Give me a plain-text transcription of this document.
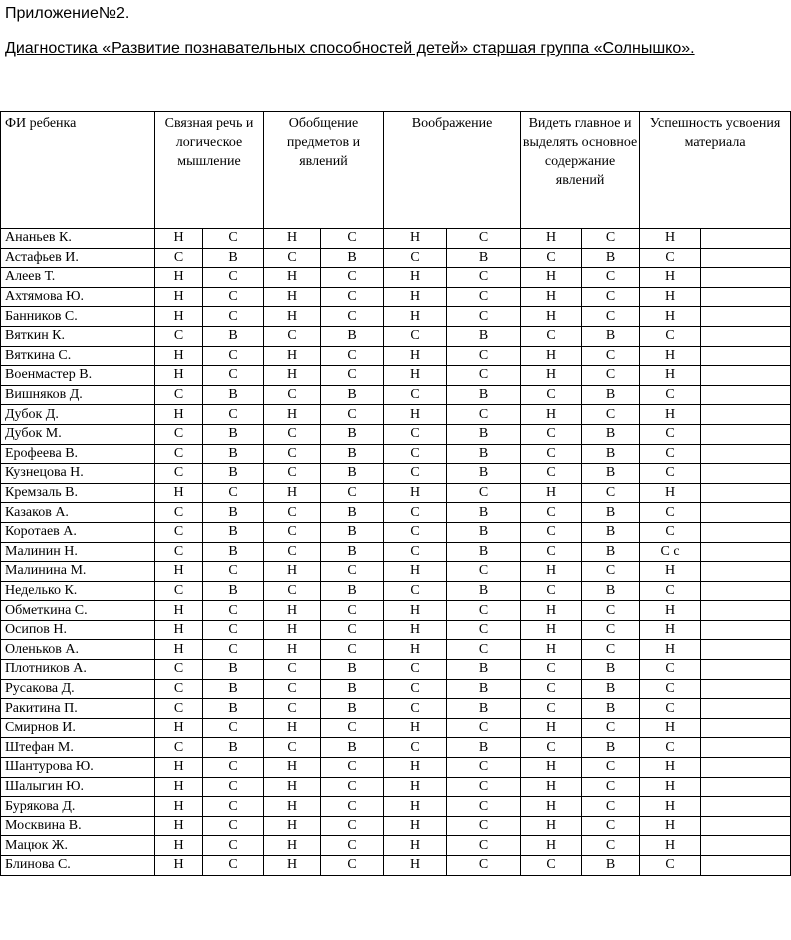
Приложение№2.
Диагностика «Развитие познавательных способностей детей» старшая группа «Солнышко».
ФИ ребенка	Связная речь и логическое мышление		Обобщение предметов и явлений		Воображение		Видеть главное и выделять основное содержание явлений		Успешность усвоения материала	
Ананьев К.	Н	С	Н	С	Н	С	Н	С	Н	
Астафьев И.	С	В	С	В	С	В	С	В	С	
Алеев Т.	Н	С	Н	С	Н	С	Н	С	Н	
Ахтямова Ю.	Н	С	Н	С	Н	С	Н	С	Н	
Банников С.	Н	С	Н	С	Н	С	Н	С	Н	
Вяткин К.	С	В	С	В	С	В	С	В	С	
Вяткина С.	Н	С	Н	С	Н	С	Н	С	Н	
Военмастер В.	Н	С	Н	С	Н	С	Н	С	Н	
Вишняков Д.	С	В	С	В	С	В	С	В	С	
Дубок Д.	Н	С	Н	С	Н	С	Н	С	Н	
Дубок М.	С	В	С	В	С	В	С	В	С	
Ерофеева В.	С	В	С	В	С	В	С	В	С	
Кузнецова Н.	С	В	С	В	С	В	С	В	С	
Кремзаль В.	Н	С	Н	С	Н	С	Н	С	Н	
Казаков А.	С	В	С	В	С	В	С	В	С	
Коротаев А.	С	В	С	В	С	В	С	В	С	
Малинин Н.	С	В	С	В	С	В	С	В	С с	
Малинина М.	Н	С	Н	С	Н	С	Н	С	Н	
Неделько К.	С	В	С	В	С	В	С	В	С	
Обметкина С.	Н	С	Н	С	Н	С	Н	С	Н	
Осипов Н.	Н	С	Н	С	Н	С	Н	С	Н	
Оленьков А.	Н	С	Н	С	Н	С	Н	С	Н	
Плотников А.	С	В	С	В	С	В	С	В	С	
Русакова Д.	С	В	С	В	С	В	С	В	С	
Ракитина П.	С	В	С	В	С	В	С	В	С	
Смирнов И.	Н	С	Н	С	Н	С	Н	С	Н	
Штефан М.	С	В	С	В	С	В	С	В	С	
Шантурова Ю.	Н	С	Н	С	Н	С	Н	С	Н	
Шалыгин Ю.	Н	С	Н	С	Н	С	Н	С	Н	
Бурякова Д.	Н	С	Н	С	Н	С	Н	С	Н	
Москвина В.	Н	С	Н	С	Н	С	Н	С	Н	
Мацюк Ж.	Н	С	Н	С	Н	С	Н	С	Н	
Блинова С.	Н	С	Н	С	Н	С	С	В	С	
